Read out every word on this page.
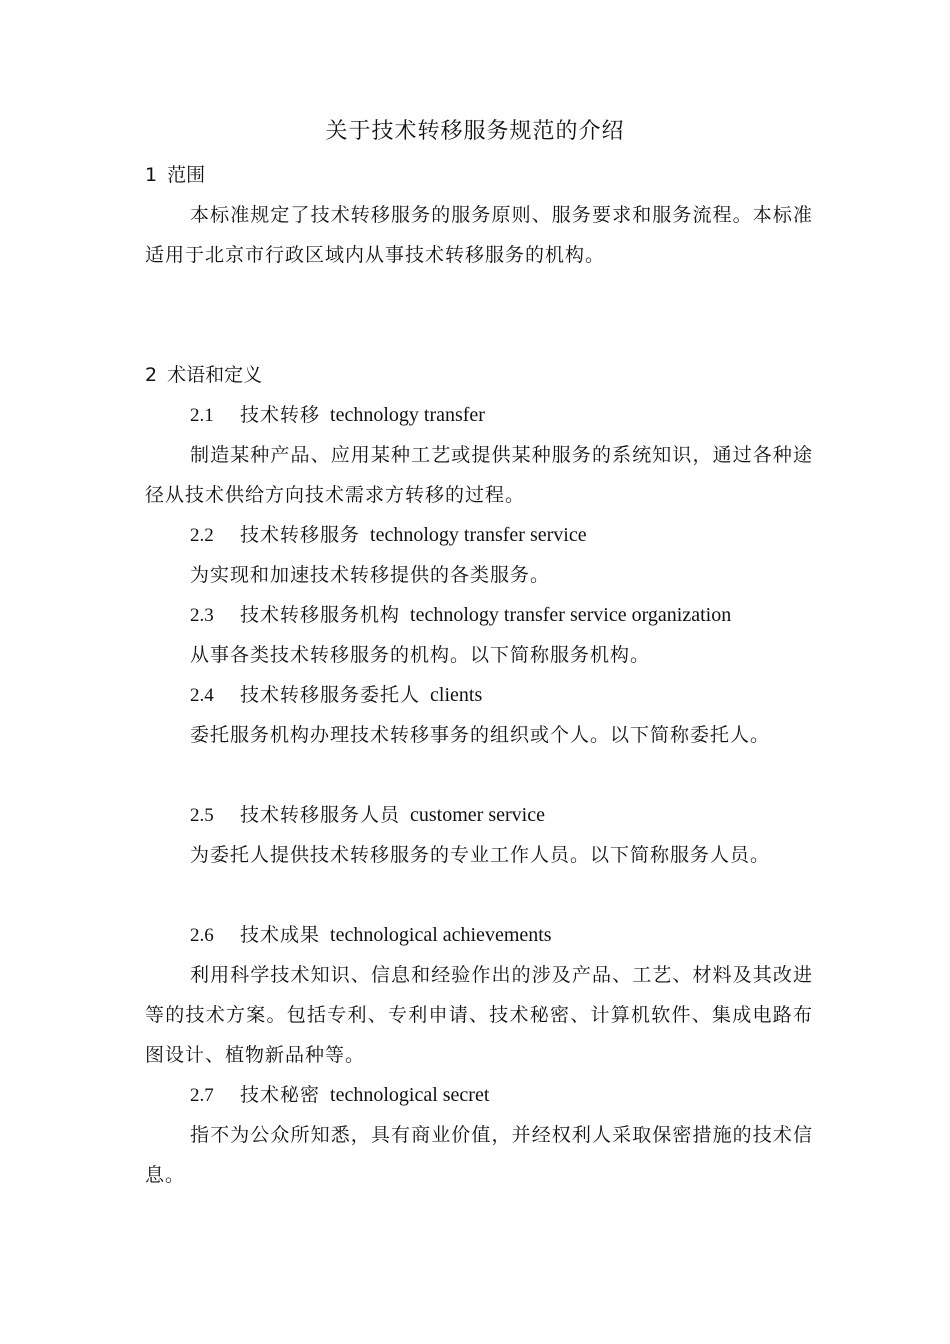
关于技术转移服务规范的介绍
1 范围
本标准规定了技术转移服务的服务原则、服务要求和服务流程。本标准适用于北京市行政区域内从事技术转移服务的机构。
2 术语和定义
2.1 技术转移 technology transfer
制造某种产品、应用某种工艺或提供某种服务的系统知识，通过各种途径从技术供给方向技术需求方转移的过程。
2.2 技术转移服务 technology transfer service
为实现和加速技术转移提供的各类服务。
2.3 技术转移服务机构 technology transfer service organization
从事各类技术转移服务的机构。以下简称服务机构。
2.4 技术转移服务委托人 clients
委托服务机构办理技术转移事务的组织或个人。以下简称委托人。
2.5 技术转移服务人员 customer service
为委托人提供技术转移服务的专业工作人员。以下简称服务人员。
2.6 技术成果 technological achievements
利用科学技术知识、信息和经验作出的涉及产品、工艺、材料及其改进等的技术方案。包括专利、专利申请、技术秘密、计算机软件、集成电路布图设计、植物新品种等。
2.7 技术秘密 technological secret
指不为公众所知悉，具有商业价值，并经权利人采取保密措施的技术信息。
